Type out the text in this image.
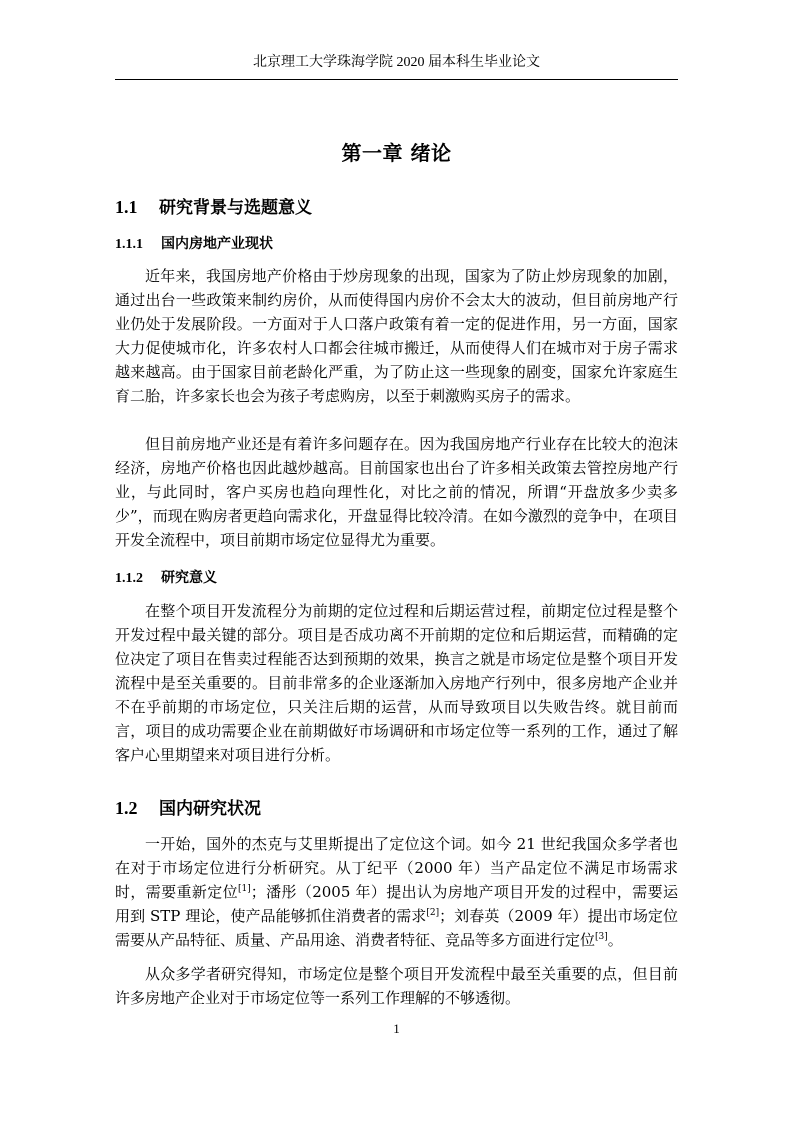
北京理工大学珠海学院 2020 届本科生毕业论文
第一章 绪论
1.1 研究背景与选题意义
1.1.1 国内房地产业现状

近年来，我国房地产价格由于炒房现象的出现，国家为了防止炒房现象的加剧，通过出台一些政策来制约房价，从而使得国内房价不会太大的波动，但目前房地产行业仍处于发展阶段。一方面对于人口落户政策有着一定的促进作用，另一方面，国家大力促使城市化，许多农村人口都会往城市搬迁，从而使得人们在城市对于房子需求越来越高。由于国家目前老龄化严重，为了防止这一些现象的剧变，国家允许家庭生育二胎，许多家长也会为孩子考虑购房，以至于刺激购买房子的需求。

但目前房地产业还是有着许多问题存在。因为我国房地产行业存在比较大的泡沫经济，房地产价格也因此越炒越高。目前国家也出台了许多相关政策去管控房地产行业，与此同时，客户买房也趋向理性化，对比之前的情况，所谓“开盘放多少卖多少”，而现在购房者更趋向需求化，开盘显得比较冷清。在如今激烈的竞争中，在项目开发全流程中，项目前期市场定位显得尤为重要。

1.1.2 研究意义

在整个项目开发流程分为前期的定位过程和后期运营过程，前期定位过程是整个开发过程中最关键的部分。项目是否成功离不开前期的定位和后期运营，而精确的定位决定了项目在售卖过程能否达到预期的效果，换言之就是市场定位是整个项目开发流程中是至关重要的。目前非常多的企业逐渐加入房地产行列中，很多房地产企业并不在乎前期的市场定位，只关注后期的运营，从而导致项目以失败告终。就目前而言，项目的成功需要企业在前期做好市场调研和市场定位等一系列的工作，通过了解客户心里期望来对项目进行分析。

1.2 国内研究状况

一开始，国外的杰克与艾里斯提出了定位这个词。如今 21 世纪我国众多学者也在对于市场定位进行分析研究。从丁纪平（2000 年）当产品定位不满足市场需求时，需要重新定位[1]；潘彤（2005 年）提出认为房地产项目开发的过程中，需要运用到 STP 理论，使产品能够抓住消费者的需求[2]；刘春英（2009 年）提出市场定位需要从产品特征、质量、产品用途、消费者特征、竞品等多方面进行定位[3]。

从众多学者研究得知，市场定位是整个项目开发流程中最至关重要的点，但目前许多房地产企业对于市场定位等一系列工作理解的不够透彻。

1
